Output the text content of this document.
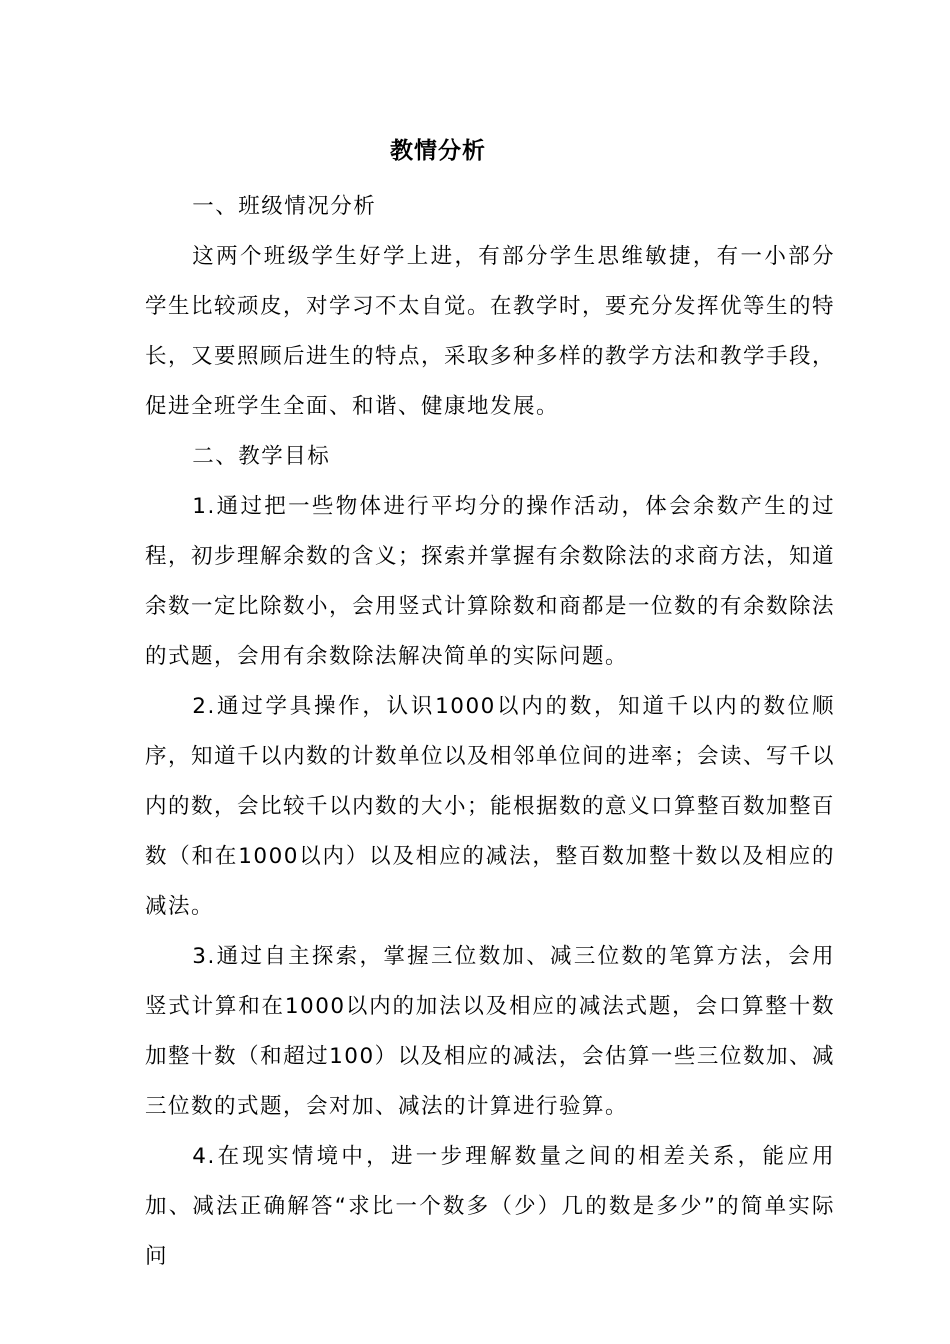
教情分析

一、班级情况分析

这两个班级学生好学上进，有部分学生思维敏捷，有一小部分学生比较顽皮，对学习不太自觉。在教学时，要充分发挥优等生的特长，又要照顾后进生的特点，采取多种多样的教学方法和教学手段，促进全班学生全面、和谐、健康地发展。

二、教学目标

1.通过把一些物体进行平均分的操作活动，体会余数产生的过程，初步理解余数的含义；探索并掌握有余数除法的求商方法，知道余数一定比除数小，会用竖式计算除数和商都是一位数的有余数除法的式题，会用有余数除法解决简单的实际问题。

2.通过学具操作，认识1000以内的数，知道千以内的数位顺序，知道千以内数的计数单位以及相邻单位间的进率；会读、写千以内的数，会比较千以内数的大小；能根据数的意义口算整百数加整百数（和在1000以内）以及相应的减法，整百数加整十数以及相应的减法。

3.通过自主探索，掌握三位数加、减三位数的笔算方法，会用竖式计算和在1000以内的加法以及相应的减法式题，会口算整十数加整十数（和超过100）以及相应的减法，会估算一些三位数加、减三位数的式题，会对加、减法的计算进行验算。

4.在现实情境中，进一步理解数量之间的相差关系，能应用加、减法正确解答“求比一个数多（少）几的数是多少”的简单实际问
